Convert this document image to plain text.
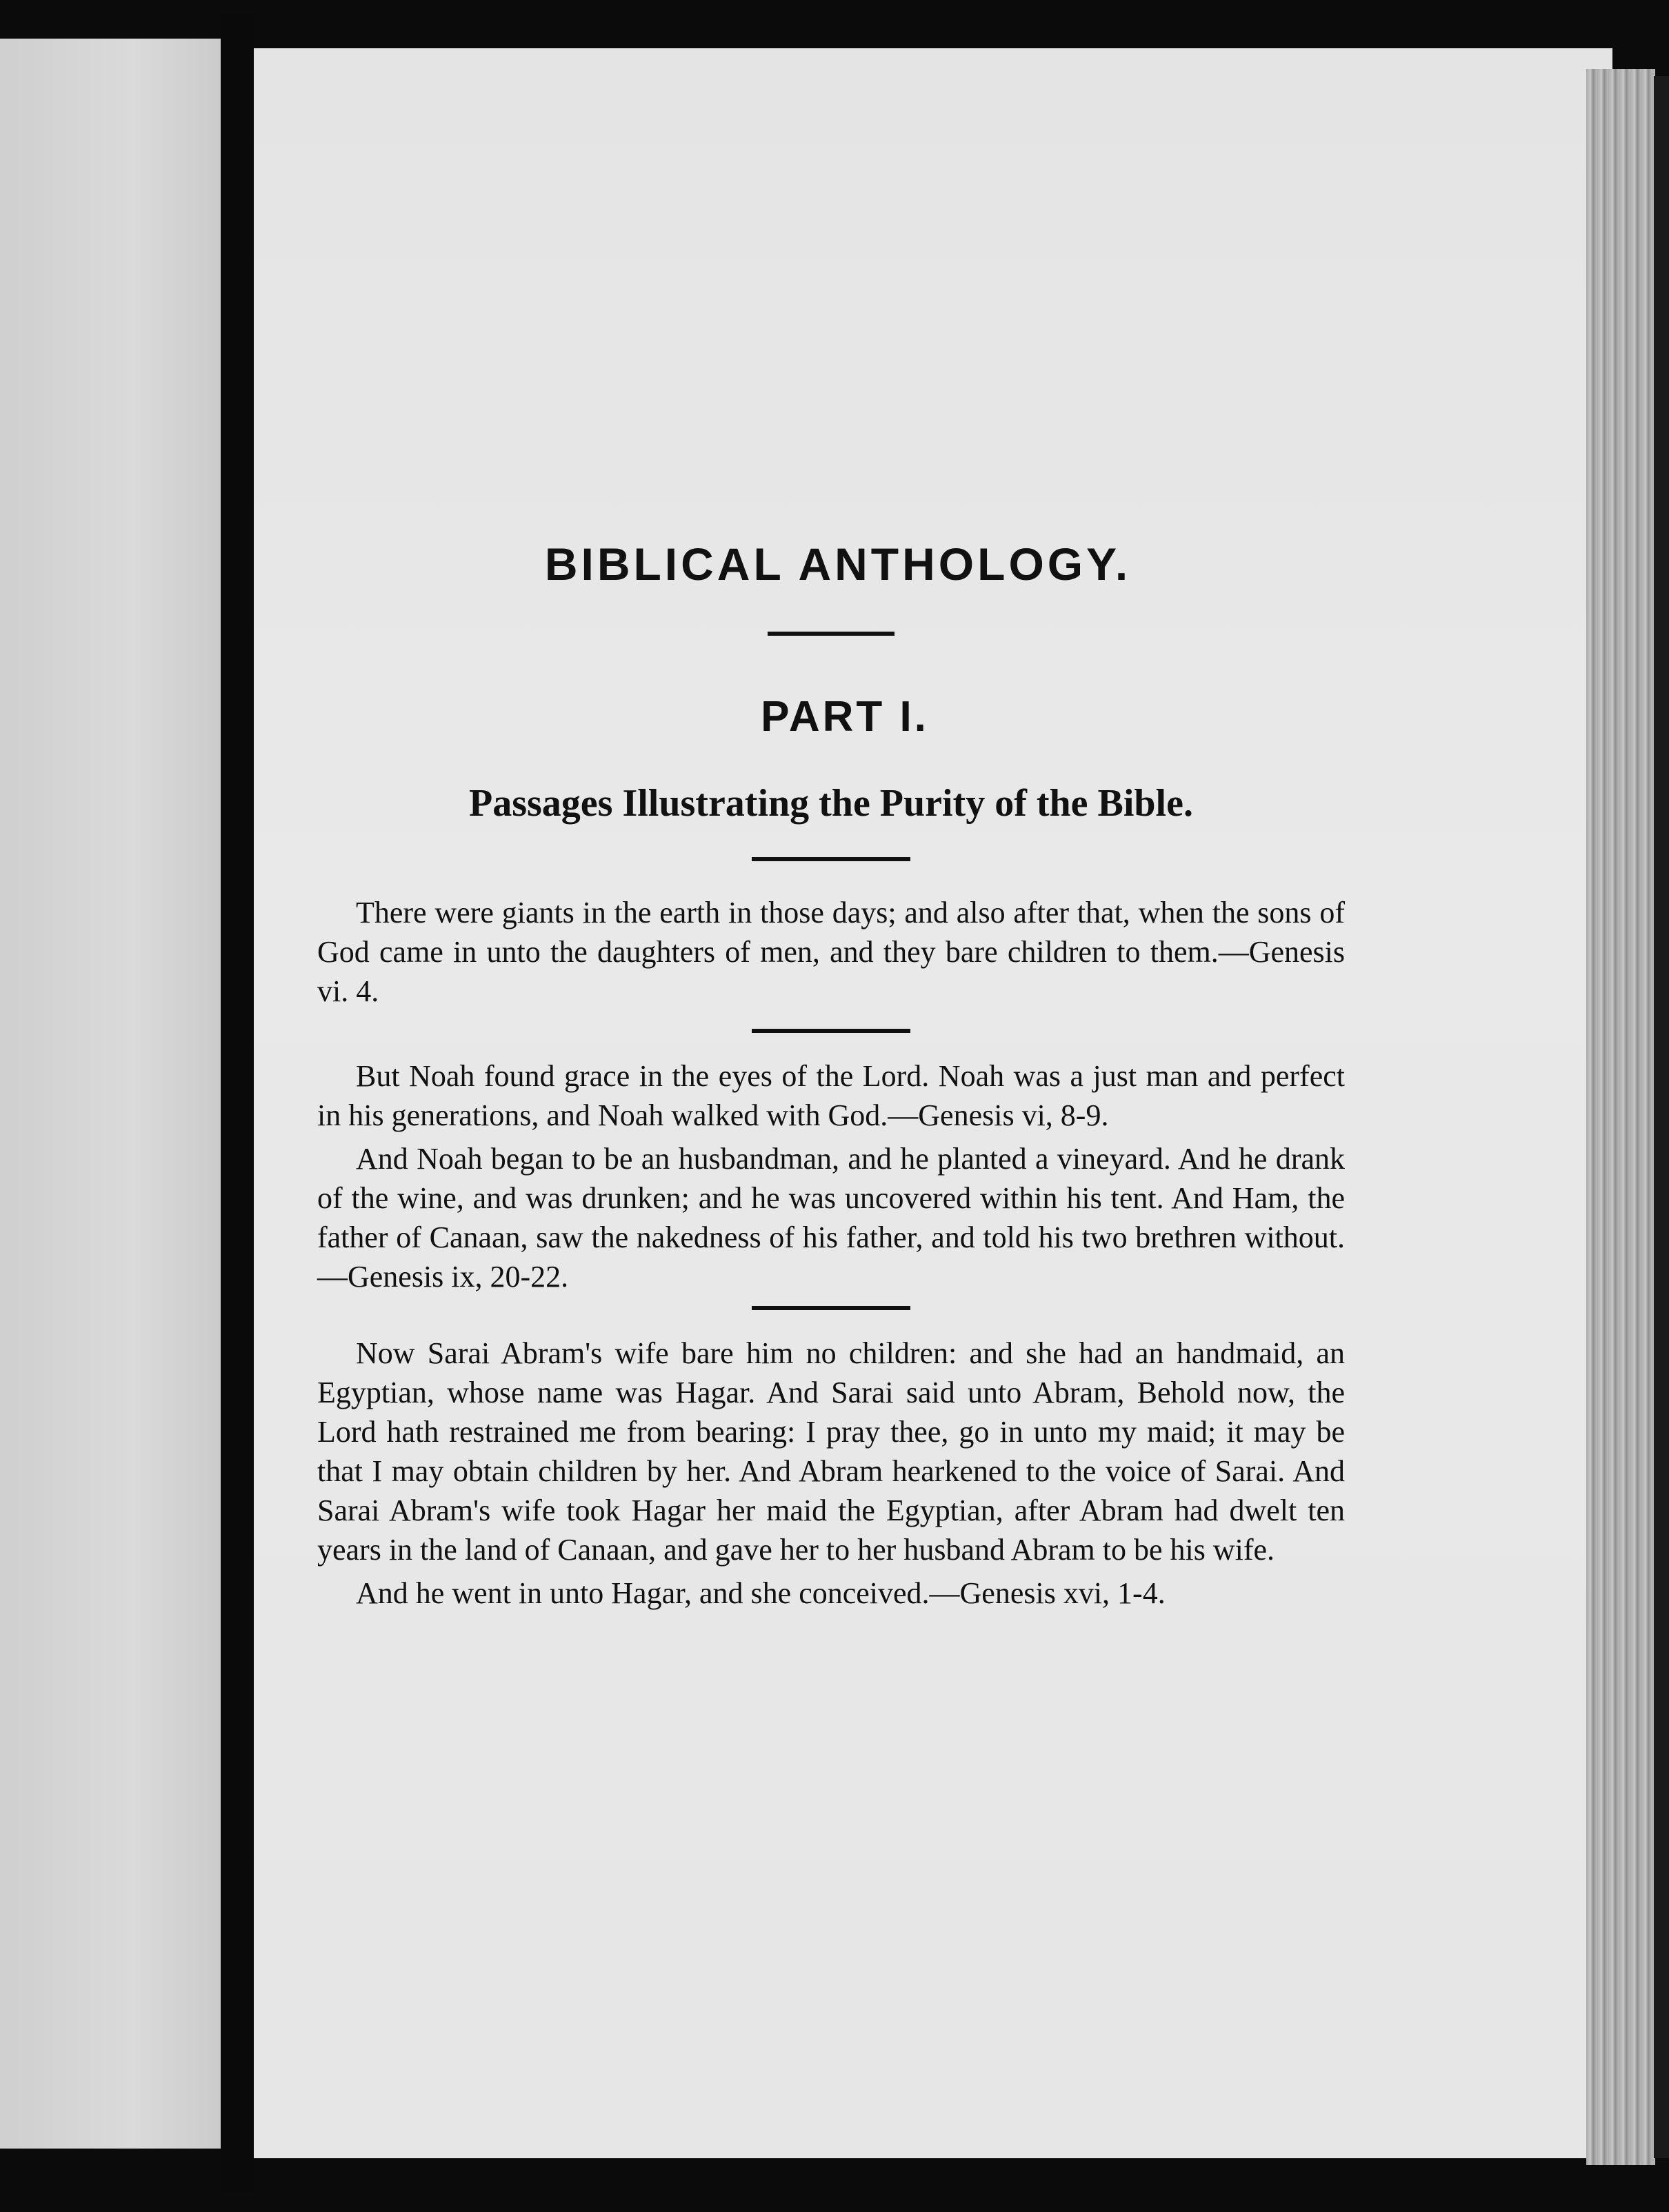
BIBLICAL ANTHOLOGY.
PART I.
Passages Illustrating the Purity of the Bible.

There were giants in the earth in those days; and also after that, when the sons of God came in unto the daughters of men, and they bare children to them.—Genesis vi. 4.

But Noah found grace in the eyes of the Lord. Noah was a just man and perfect in his generations, and Noah walked with God.—Genesis vi, 8-9.

And Noah began to be an husbandman, and he planted a vineyard. And he drank of the wine, and was drunken; and he was uncovered within his tent. And Ham, the father of Canaan, saw the nakedness of his father, and told his two brethren without.—Genesis ix, 20-22.

Now Sarai Abram's wife bare him no children: and she had an handmaid, an Egyptian, whose name was Hagar. And Sarai said unto Abram, Behold now, the Lord hath restrained me from bearing: I pray thee, go in unto my maid; it may be that I may obtain children by her. And Abram hearkened to the voice of Sarai. And Sarai Abram's wife took Hagar her maid the Egyptian, after Abram had dwelt ten years in the land of Canaan, and gave her to her husband Abram to be his wife.

And he went in unto Hagar, and she conceived.—Genesis xvi, 1-4.
